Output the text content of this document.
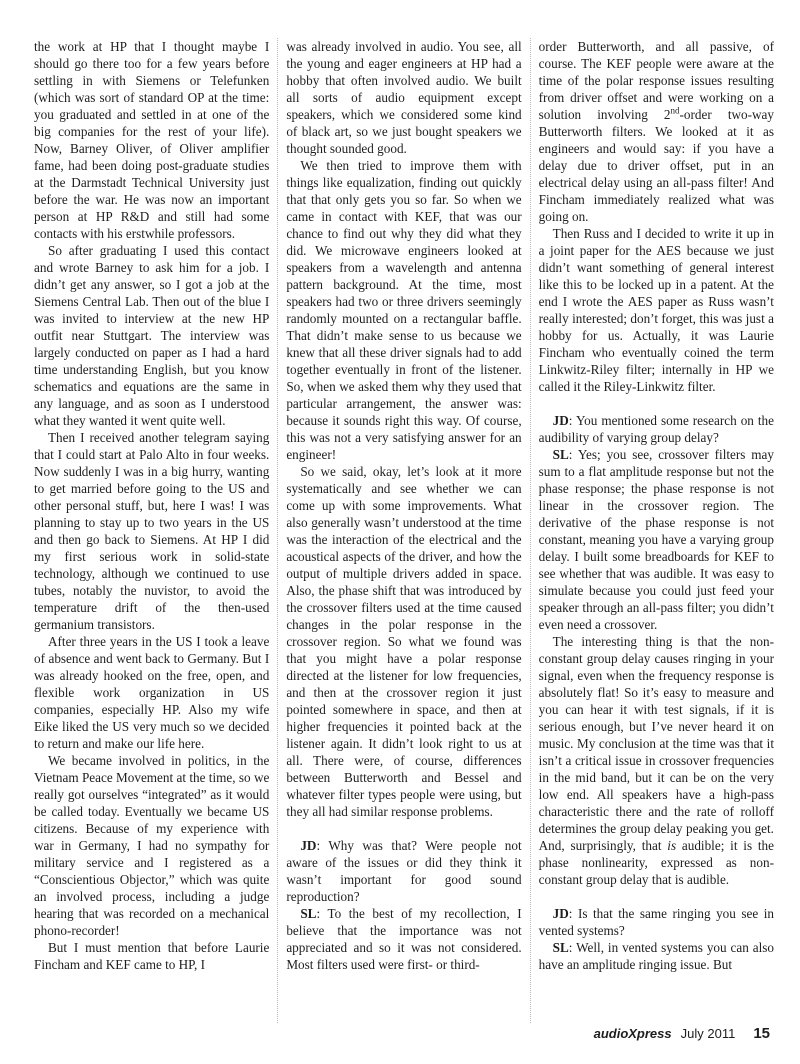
the work at HP that I thought maybe I should go there too for a few years before settling in with Siemens or Telefunken (which was sort of standard OP at the time: you graduated and settled in at one of the big companies for the rest of your life). Now, Barney Oliver, of Oliver amplifier fame, had been doing post-graduate studies at the Darmstadt Technical University just before the war. He was now an important person at HP R&D and still had some contacts with his erstwhile professors.

So after graduating I used this contact and wrote Barney to ask him for a job. I didn’t get any answer, so I got a job at the Siemens Central Lab. Then out of the blue I was invited to interview at the new HP outfit near Stuttgart. The interview was largely conducted on paper as I had a hard time understanding English, but you know schematics and equations are the same in any language, and as soon as I understood what they wanted it went quite well.

Then I received another telegram saying that I could start at Palo Alto in four weeks. Now suddenly I was in a big hurry, wanting to get married before going to the US and other personal stuff, but, here I was! I was planning to stay up to two years in the US and then go back to Siemens. At HP I did my first serious work in solid-state technology, although we continued to use tubes, notably the nuvistor, to avoid the temperature drift of the then-used germanium transistors.

After three years in the US I took a leave of absence and went back to Germany. But I was already hooked on the free, open, and flexible work organization in US companies, especially HP. Also my wife Eike liked the US very much so we decided to return and make our life here.

We became involved in politics, in the Vietnam Peace Movement at the time, so we really got ourselves “integrated” as it would be called today. Eventually we became US citizens. Because of my experience with war in Germany, I had no sympathy for military service and I registered as a “Conscientious Objector,” which was quite an involved process, including a judge hearing that was recorded on a mechanical phono-recorder!

But I must mention that before Laurie Fincham and KEF came to HP, I

was already involved in audio. You see, all the young and eager engineers at HP had a hobby that often involved audio. We built all sorts of audio equipment except speakers, which we considered some kind of black art, so we just bought speakers we thought sounded good.

We then tried to improve them with things like equalization, finding out quickly that that only gets you so far. So when we came in contact with KEF, that was our chance to find out why they did what they did. We microwave engineers looked at speakers from a wavelength and antenna pattern background. At the time, most speakers had two or three drivers seemingly randomly mounted on a rectangular baffle. That didn’t make sense to us because we knew that all these driver signals had to add together eventually in front of the listener. So, when we asked them why they used that particular arrangement, the answer was: because it sounds right this way. Of course, this was not a very satisfying answer for an engineer!

So we said, okay, let’s look at it more systematically and see whether we can come up with some improvements. What also generally wasn’t understood at the time was the interaction of the electrical and the acoustical aspects of the driver, and how the output of multiple drivers added in space. Also, the phase shift that was introduced by the crossover filters used at the time caused changes in the polar response in the crossover region. So what we found was that you might have a polar response directed at the listener for low frequencies, and then at the crossover region it just pointed somewhere in space, and then at higher frequencies it pointed back at the listener again. It didn’t look right to us at all. There were, of course, differences between Butterworth and Bessel and whatever filter types people were using, but they all had similar response problems.

JD: Why was that? Were people not aware of the issues or did they think it wasn’t important for good sound reproduction?

SL: To the best of my recollection, I believe that the importance was not appreciated and so it was not considered. Most filters used were first- or third-

order Butterworth, and all passive, of course. The KEF people were aware at the time of the polar response issues resulting from driver offset and were working on a solution involving 2nd-order two-way Butterworth filters. We looked at it as engineers and would say: if you have a delay due to driver offset, put in an electrical delay using an all-pass filter! And Fincham immediately realized what was going on.

Then Russ and I decided to write it up in a joint paper for the AES because we just didn’t want something of general interest like this to be locked up in a patent. At the end I wrote the AES paper as Russ wasn’t really interested; don’t forget, this was just a hobby for us. Actually, it was Laurie Fincham who eventually coined the term Linkwitz-Riley filter; internally in HP we called it the Riley-Linkwitz filter.

JD: You mentioned some research on the audibility of varying group delay?

SL: Yes; you see, crossover filters may sum to a flat amplitude response but not the phase response; the phase response is not linear in the crossover region. The derivative of the phase response is not constant, meaning you have a varying group delay. I built some breadboards for KEF to see whether that was audible. It was easy to simulate because you could just feed your speaker through an all-pass filter; you didn’t even need a crossover.

The interesting thing is that the non-constant group delay causes ringing in your signal, even when the frequency response is absolutely flat! So it’s easy to measure and you can hear it with test signals, if it is serious enough, but I’ve never heard it on music. My conclusion at the time was that it isn’t a critical issue in crossover frequencies in the mid band, but it can be on the very low end. All speakers have a high-pass characteristic there and the rate of rolloff determines the group delay peaking you get. And, surprisingly, that is audible; it is the phase nonlinearity, expressed as non-constant group delay that is audible.

JD: Is that the same ringing you see in vented systems?

SL: Well, in vented systems you can also have an amplitude ringing issue. But

audioXpress July 2011 15
